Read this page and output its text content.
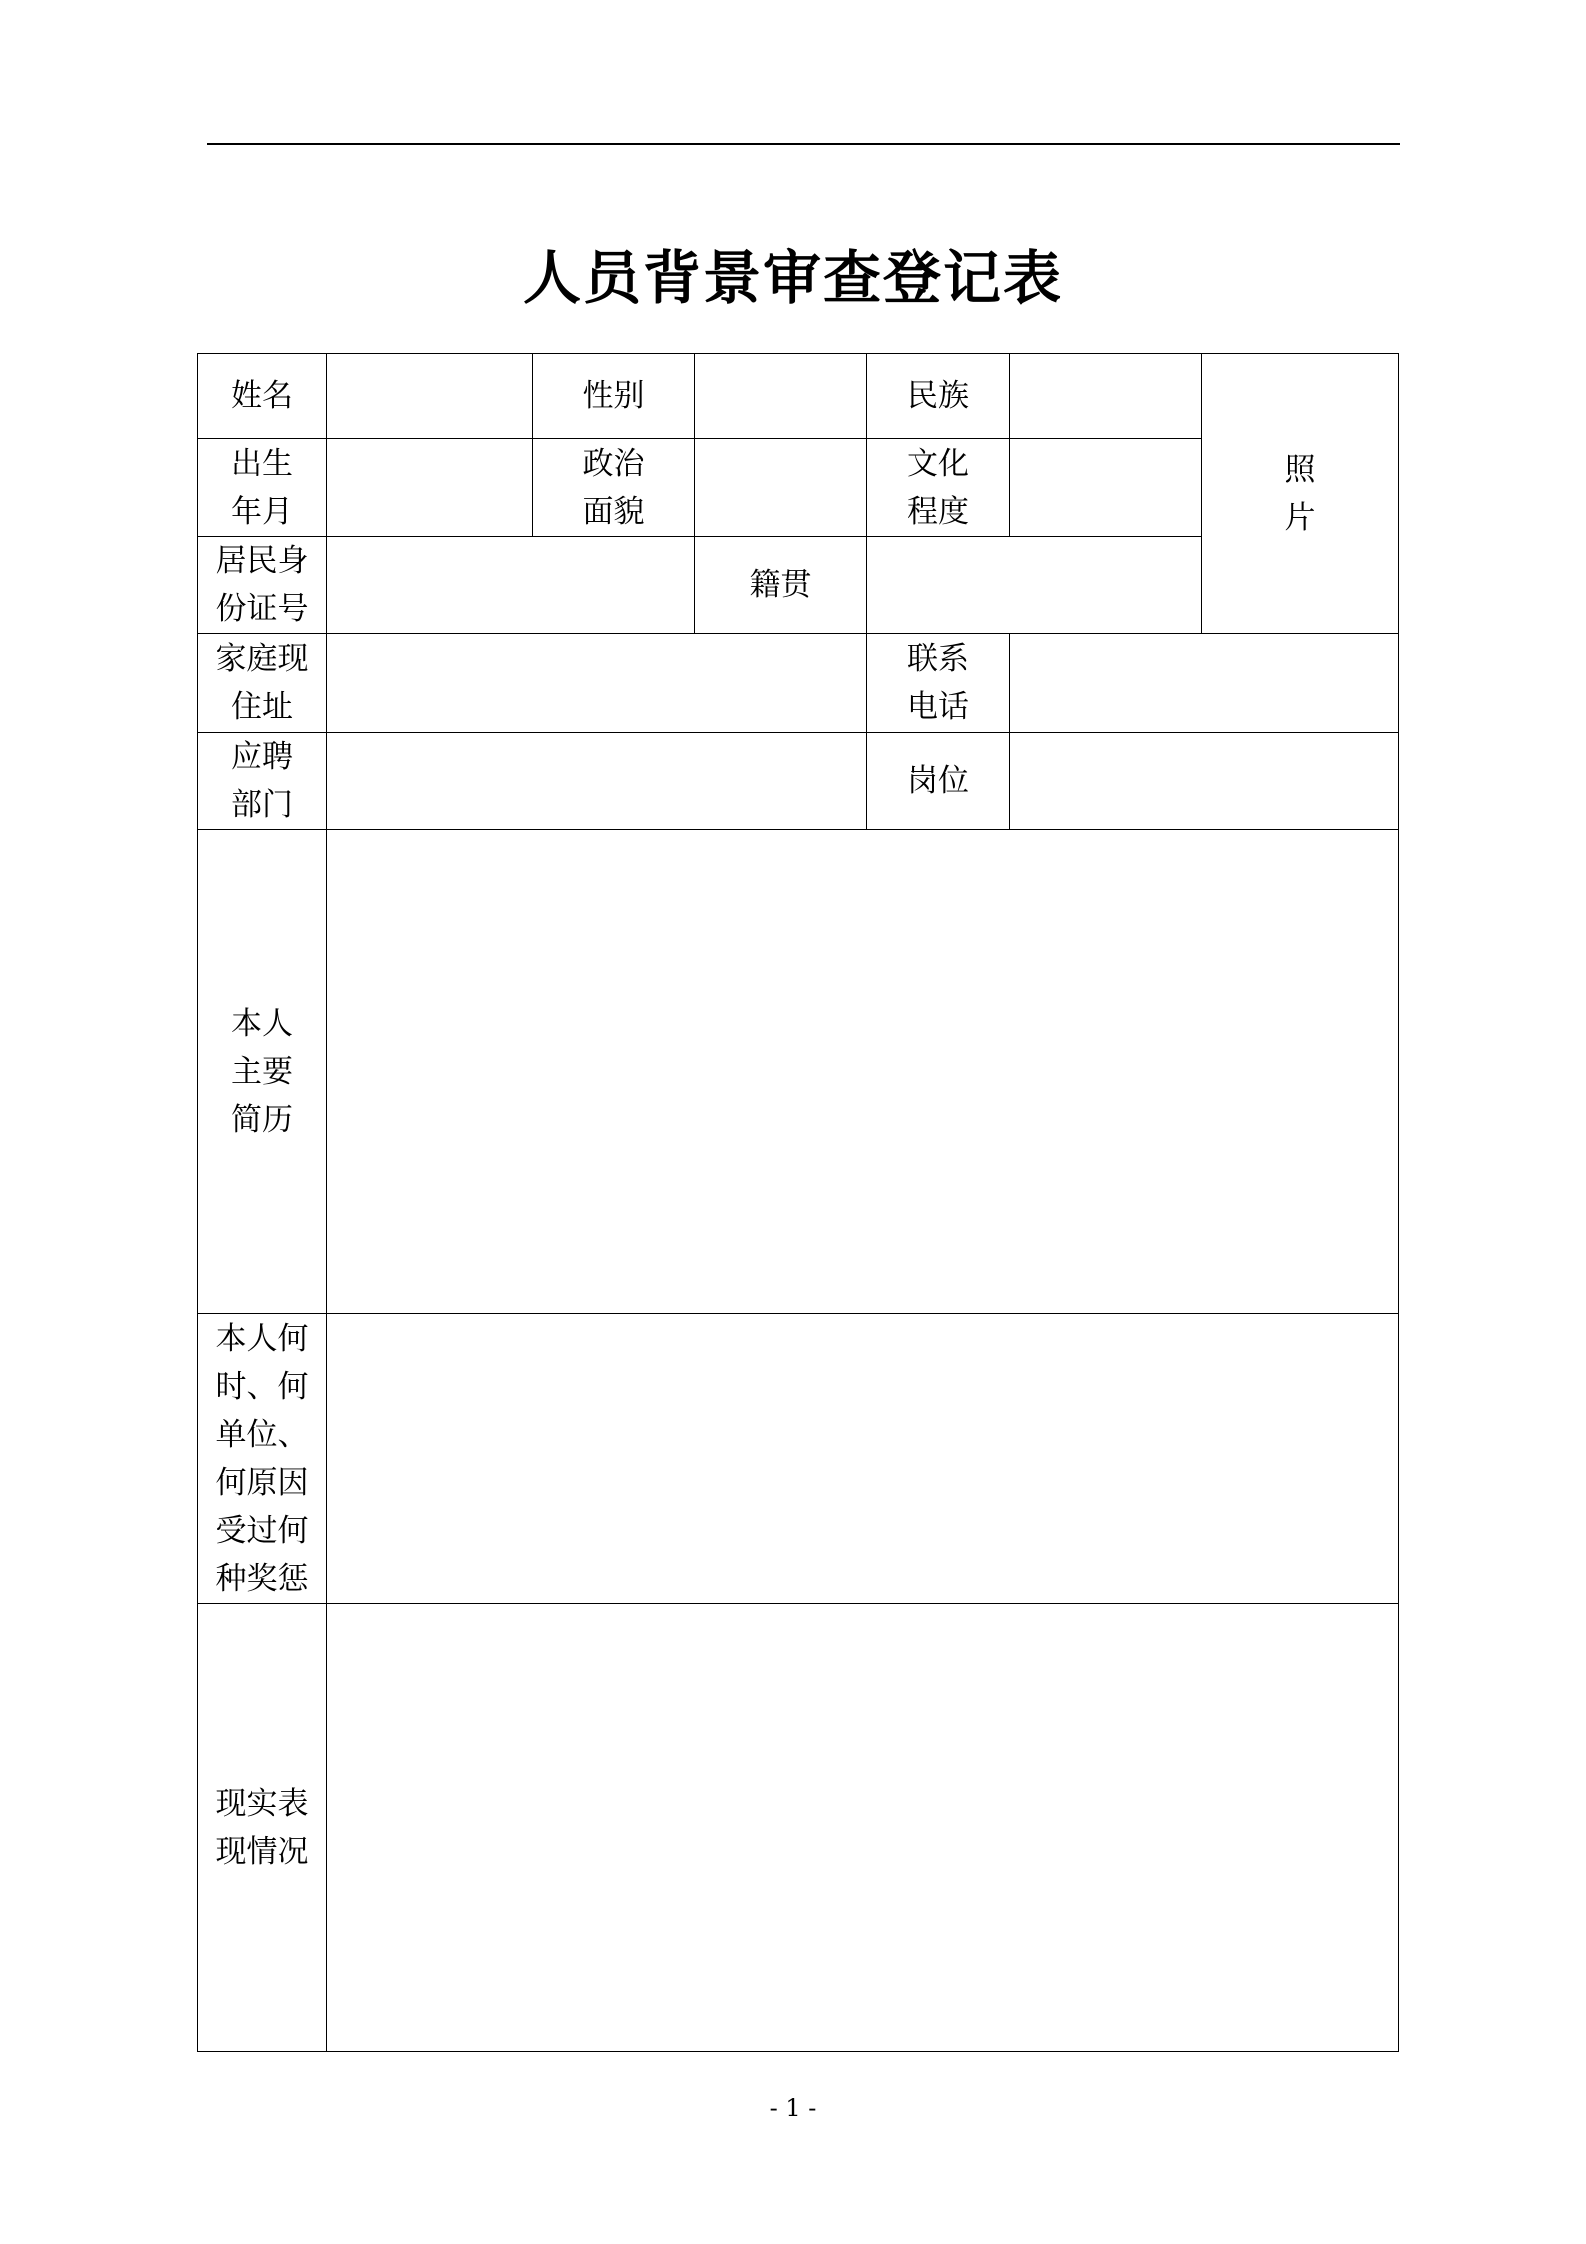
人员背景审查登记表
姓名		性别		民族		照片
出生年月		政治面貌		文化程度		
居民身份证号			籍贯			
家庭现住址				联系电话		
应聘部门				岗位		
本人主要简历						
本人何时、何单位、何原因受过何种奖惩						
现实表现情况						
- 1 -
